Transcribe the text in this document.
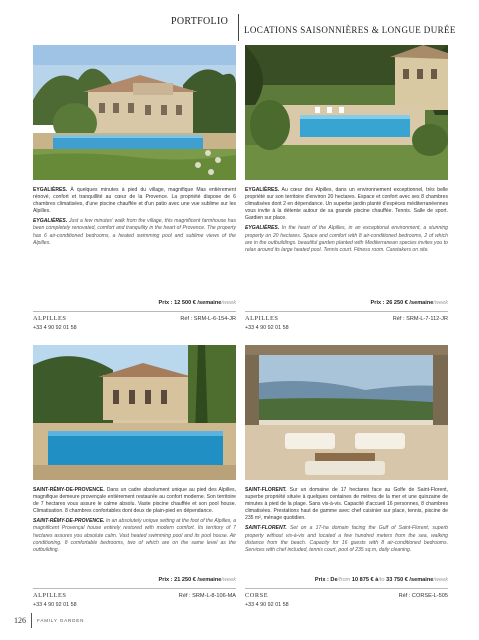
PORTFOLIO
LOCATIONS SAISONNIÈRES & LONGUE DURÉE

EYGALIÈRES. À quelques minutes à pied du village, magnifique Mas entièrement rénové, confort et tranquillité au cœur de la Provence. La propriété dispose de 6 chambres climatisées, d'une piscine chauffée et d'un patio avec une vue sublime sur les Alpilles.

EYGALIÈRES. Just a few minutes' walk from the village, this magnificent farmhouse has been completely renovated, comfort and tranquility in the heart of Provence. The property has 6 air-conditioned bedrooms, a heated swimming pool and sublime views of the Alpilles.

Prix : 12 500 € /semaine/week
ALPILLES
+33 4 90 92 01 58
Réf : SRM-L-6-154-JR

EYGALIÈRES. Au cœur des Alpilles, dans un environnement exceptionnel, très belle propriété sur son territoire d'environ 20 hectares. Espace et confort avec ses 8 chambres climatisées dont 2 en dépendance. Un superbe jardin planté d'espèces méditerranéennes vous invite à la détente autour de sa grande piscine chauffée. Tennis. Salle de sport. Gardien sur place.

EYGALIÈRES. In the heart of the Alpilles, in an exceptional environment, a stunning property on 20 hectares. Space and comfort with 8 air-conditioned bedrooms, 2 of which are in the outbuildings. beautiful garden planted with Mediterranean species invites you to relax around its large heated pool. Tennis court. Fitness room. Caretakers on site.

Prix : 26 250 € /semaine/week
ALPILLES
+33 4 90 92 01 58
Réf : SRM-L-7-112-JR

SAINT-RÉMY-DE-PROVENCE. Dans un cadre absolument unique au pied des Alpilles, magnifique demeure provençale entièrement restaurée au confort moderne. Son territoire de 7 hectares vous assure le calme absolu. Vaste piscine chauffée et son pool house. Climatisation. 8 chambres confortables dont deux de plain-pied en dépendance.

SAINT-RÉMY-DE-PROVENCE. In an absolutely unique setting at the foot of the Alpilles, a magnificent Provençal house entirely restored with modern comfort. Its territory of 7 hectares assures you absolute calm. Vast heated swimming pool and its pool house. Air conditioning. 8 comfortable bedrooms, two of which are on the same level as the outbuilding.

Prix : 21 250 € /semaine/week
ALPILLES
+33 4 90 92 01 58
Réf : SRM-L-8-106-MA

SAINT-FLORENT. Sur un domaine de 17 hectares face au Golfe de Saint-Florent, superbe propriété située à quelques centaines de mètres de la mer et une quinzaine de minutes à pied de la plage. Sans vis-à-vis. Capacité d'accueil 16 personnes, 8 chambres climatisées. Prestations haut de gamme avec chef cuisinier sur place, tennis, piscine de 235 m², ménage quotidien.

SAINT-FLORENT. Set on a 17-ha domain facing the Gulf of Saint-Florent, superb property without vis-à-vis and located a few hundred meters from the sea, walking distance from the beach. Capacity for 16 guests with 8 air-conditioned bedrooms. Services with chef included, tennis court, pool of 235 sq.m, daily cleaning.

Prix : De/from 10 875 € à/to 33 750 € /semaine/week
CORSE
+33 4 90 92 01 58
Réf : CORSE-L-505
126 FAMILY GARDEN
